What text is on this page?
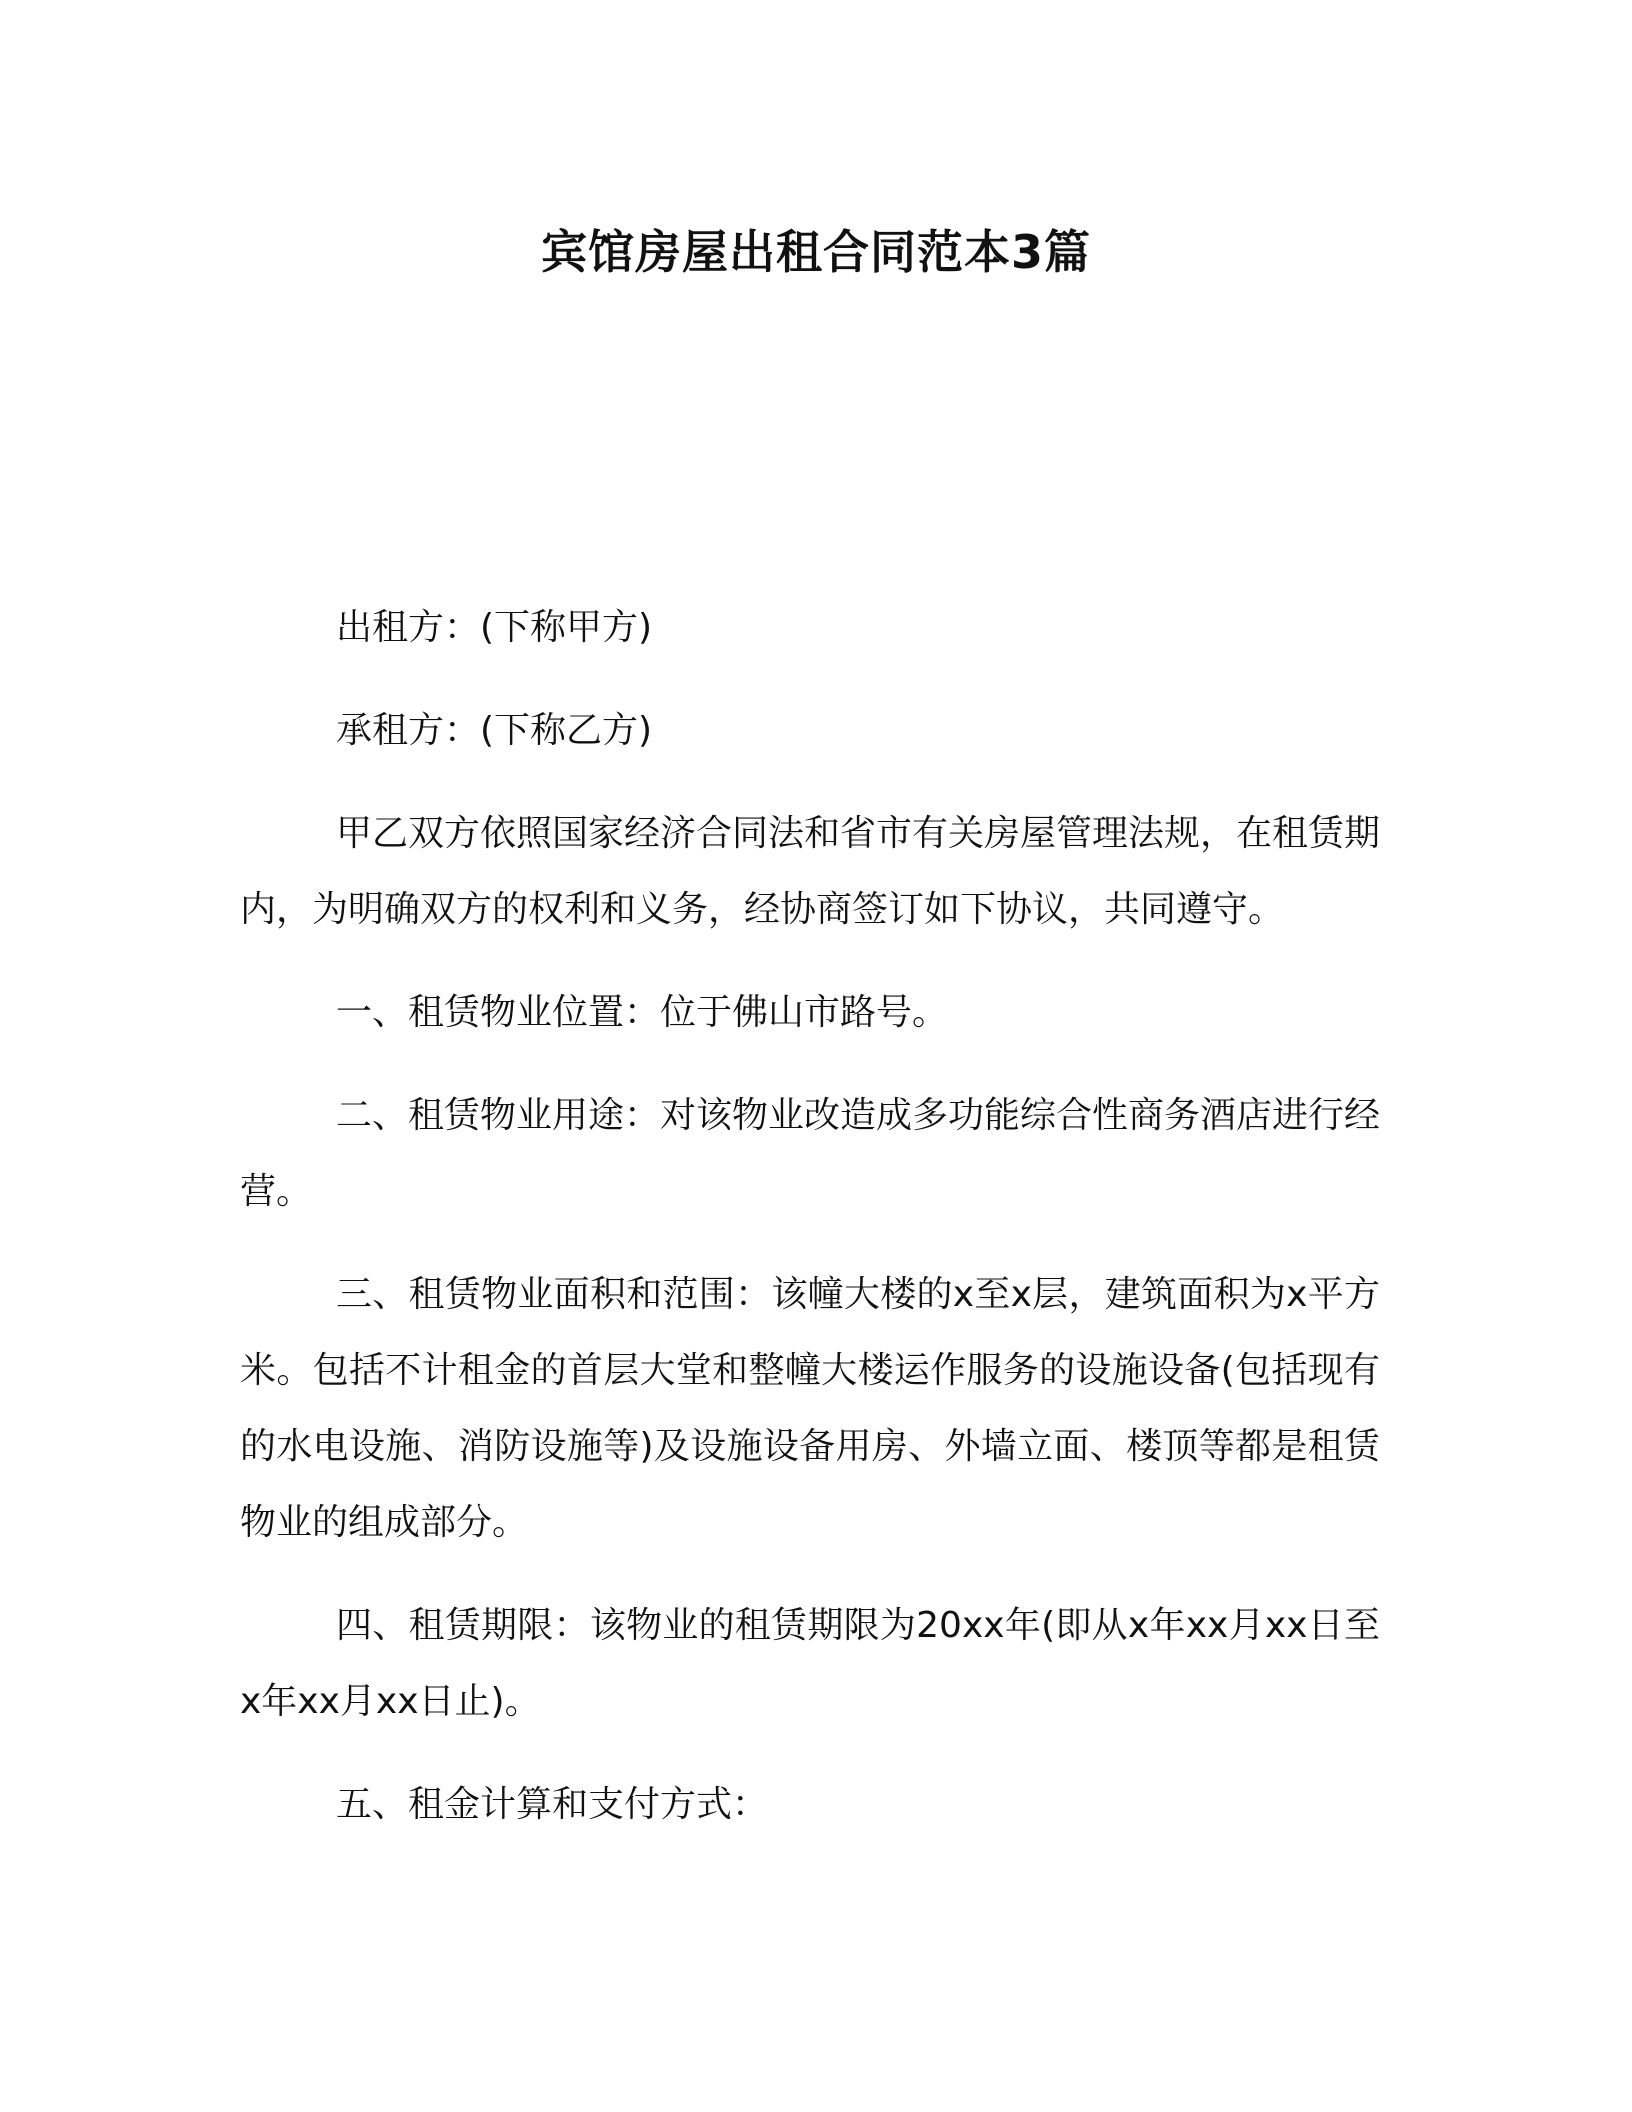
宾馆房屋出租合同范本3篇

出租方：(下称甲方)

承租方：(下称乙方)

甲乙双方依照国家经济合同法和省市有关房屋管理法规，在租赁期内，为明确双方的权利和义务，经协商签订如下协议，共同遵守。

一、租赁物业位置：位于佛山市路号。

二、租赁物业用途：对该物业改造成多功能综合性商务酒店进行经营。

三、租赁物业面积和范围：该幢大楼的x至x层，建筑面积为x平方米。包括不计租金的首层大堂和整幢大楼运作服务的设施设备(包括现有的水电设施、消防设施等)及设施设备用房、外墙立面、楼顶等都是租赁物业的组成部分。

四、租赁期限：该物业的租赁期限为20xx年(即从x年xx月xx日至x年xx月xx日止)。

五、租金计算和支付方式：
